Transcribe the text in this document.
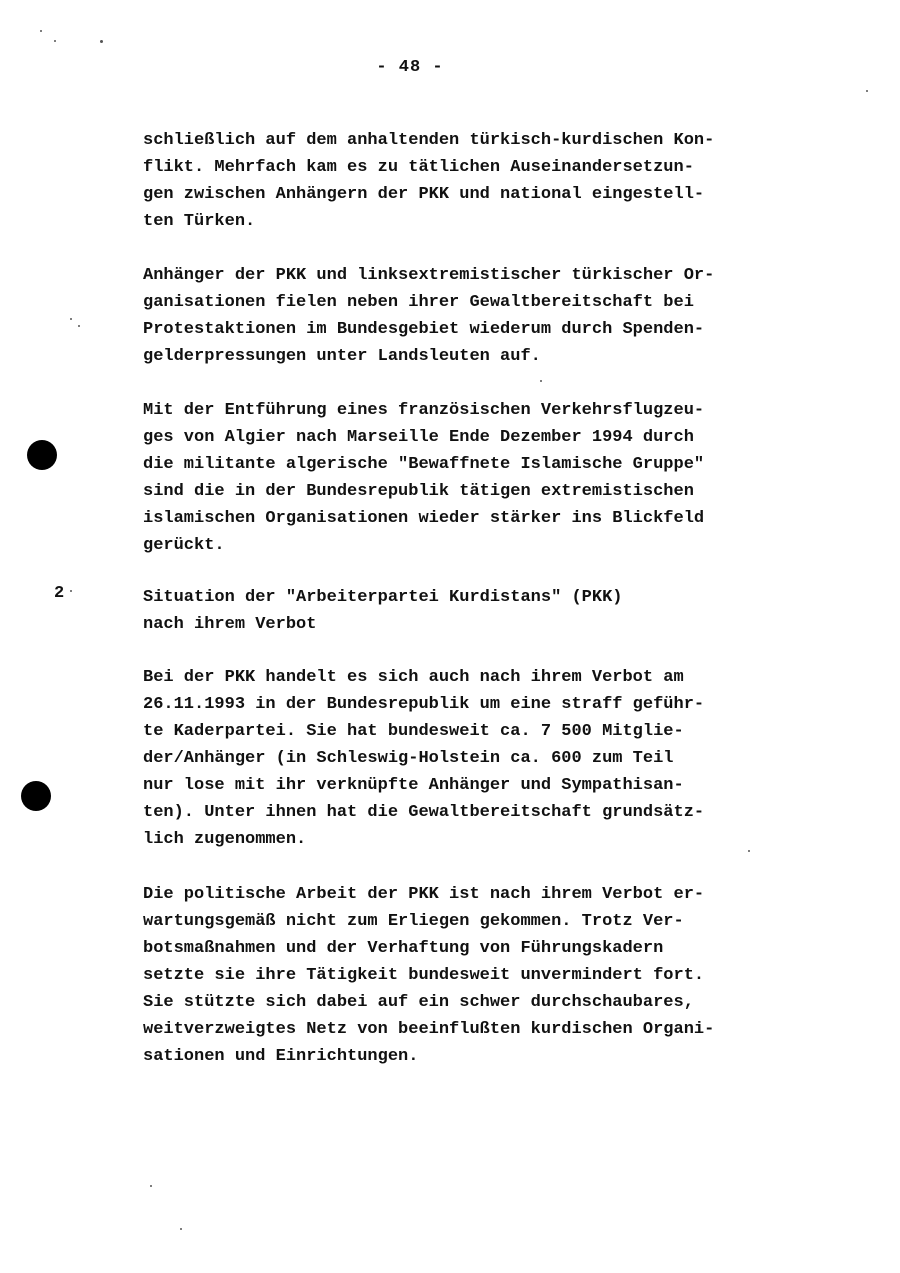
- 48 -

schließlich auf dem anhaltenden türkisch-kurdischen Kon-
flikt. Mehrfach kam es zu tätlichen Auseinandersetzun-
gen zwischen Anhängern der PKK und national eingestell-
ten Türken.

Anhänger der PKK und linksextremistischer türkischer Or-
ganisationen fielen neben ihrer Gewaltbereitschaft bei
Protestaktionen im Bundesgebiet wiederum durch Spenden-
gelderpressungen unter Landsleuten auf.

Mit der Entführung eines französischen Verkehrsflugzeu-
ges von Algier nach Marseille Ende Dezember 1994 durch
die militante algerische "Bewaffnete Islamische Gruppe"
sind die in der Bundesrepublik tätigen extremistischen
islamischen Organisationen wieder stärker ins Blickfeld
gerückt.

2	Situation der "Arbeiterpartei Kurdistans" (PKK)
nach ihrem Verbot

Bei der PKK handelt es sich auch nach ihrem Verbot am
26.11.1993 in der Bundesrepublik um eine straff geführ-
te Kaderpartei. Sie hat bundesweit ca. 7 500 Mitglie-
der/Anhänger (in Schleswig-Holstein ca. 600 zum Teil
nur lose mit ihr verknüpfte Anhänger und Sympathisan-
ten). Unter ihnen hat die Gewaltbereitschaft grundsätz-
lich zugenommen.

Die politische Arbeit der PKK ist nach ihrem Verbot er-
wartungsgemäß nicht zum Erliegen gekommen. Trotz Ver-
botsmaßnahmen und der Verhaftung von Führungskadern
setzte sie ihre Tätigkeit bundesweit unvermindert fort.
Sie stützte sich dabei auf ein schwer durchschaubares,
weitverzweigtes Netz von beeinflußten kurdischen Organi-
sationen und Einrichtungen.
